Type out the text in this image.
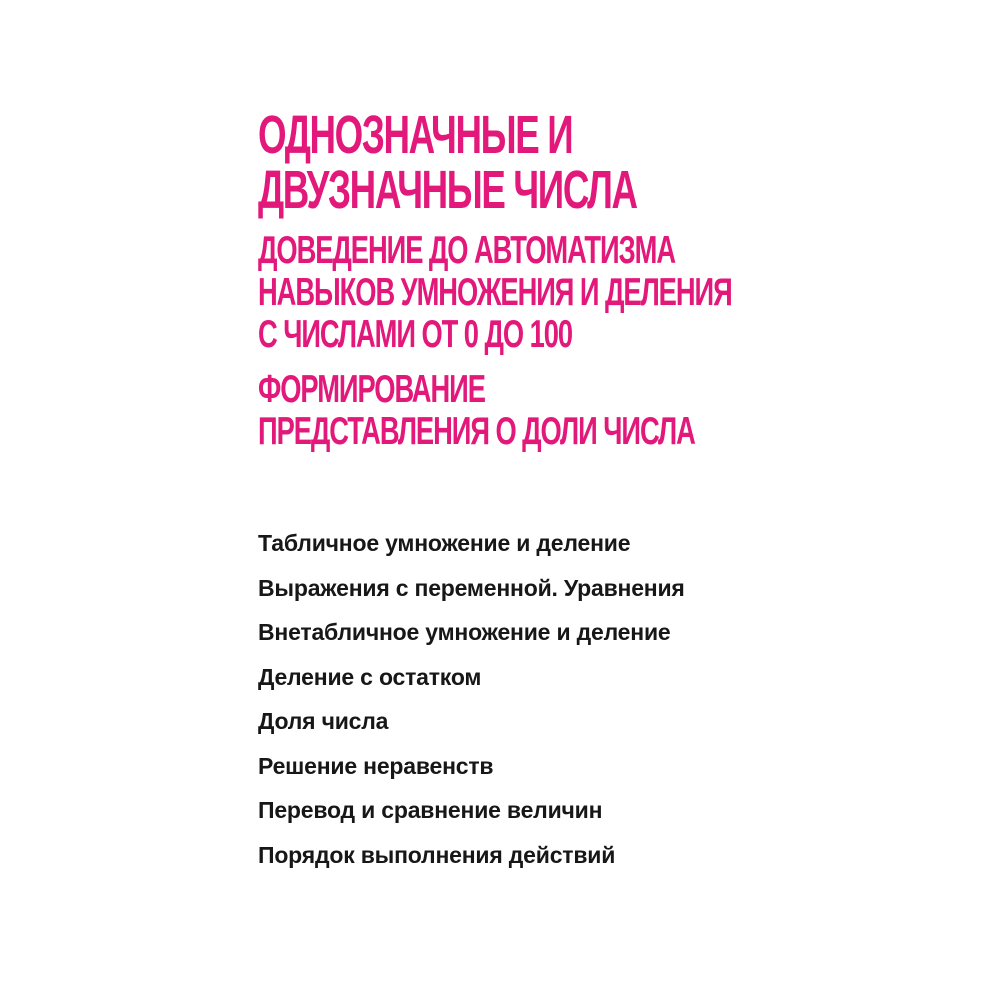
ОДНОЗНАЧНЫЕ И
ДВУЗНАЧНЫЕ ЧИСЛА
ДОВЕДЕНИЕ ДО АВТОМАТИЗМА
НАВЫКОВ УМНОЖЕНИЯ И ДЕЛЕНИЯ
С ЧИСЛАМИ ОТ 0 ДО 100
ФОРМИРОВАНИЕ
ПРЕДСТАВЛЕНИЯ О ДОЛИ ЧИСЛА
Табличное умножение и деление
Выражения с переменной. Уравнения
Внетабличное умножение и деление
Деление с остатком
Доля числа
Решение неравенств
Перевод и сравнение величин
Порядок выполнения действий
